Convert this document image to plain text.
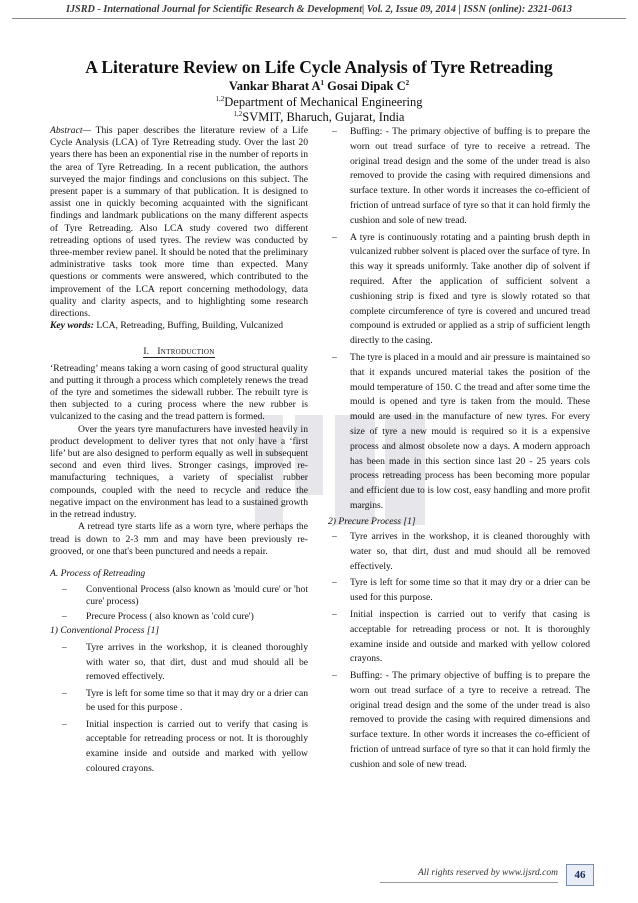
IJSRD - International Journal for Scientific Research & Development| Vol. 2, Issue 09, 2014 | ISSN (online): 2321-0613
A Literature Review on Life Cycle Analysis of Tyre Retreading
Vankar Bharat $A^1$ Gosai Dipak $C^2$
$^{1,2}$Department of Mechanical Engineering
$^{1,2}$SVMIT, Bharuch, Gujarat, India

Abstract— This paper describes the literature review of a Life Cycle Analysis (LCA) of Tyre Retreading study. Over the last 20 years there has been an exponential rise in the number of reports in the area of Tyre Retreading. In a recent publication, the authors surveyed the major findings and conclusions on this subject. The present paper is a summary of that publication. It is designed to assist one in quickly becoming acquainted with the significant findings and landmark publications on the many different aspects of Tyre Retreading. Also LCA study covered two different retreading options of used tyres. The review was conducted by three-member review panel. It should be noted that the preliminary administrative tasks took more time than expected. Many questions or comments were answered, which contributed to the improvement of the LCA report concerning methodology, data quality and clarity aspects, and to highlighting some research directions.

Key words: LCA, Retreading, Buffing, Building, Vulcanized

I. Introduction

‘Retreading’ means taking a worn casing of good structural quality and putting it through a process which completely renews the tread of the tyre and sometimes the sidewall rubber. The rebuilt tyre is then subjected to a curing process where the new rubber is vulcanized to the casing and the tread pattern is formed.

Over the years tyre manufacturers have invested heavily in product development to deliver tyres that not only have a ‘first life’ but are also designed to perform equally as well in subsequent second and even third lives. Stronger casings, improved re-manufacturing techniques, a variety of specialist rubber compounds, coupled with the need to recycle and reduce the negative impact on the environment has lead to a sustained growth in the retread industry.

A retread tyre starts life as a worn tyre, where perhaps the tread is down to 2-3 mm and may have been previously re-grooved, or one that's been punctured and needs a repair.

A. Process of Retreading
– Conventional Process (also known as 'mould cure' or 'hot cure' process)
– Precure Process ( also known as 'cold cure')
1) Conventional Process [1]
– Tyre arrives in the workshop, it is cleaned thoroughly with water so, that dirt, dust and mud should all be removed effectively.
– Tyre is left for some time so that it may dry or a drier can be used for this purpose .
– Initial inspection is carried out to verify that casing is acceptable for retreading process or not. It is thoroughly examine inside and outside and marked with yellow coloured crayons.
– Buffing: - The primary objective of buffing is to prepare the worn out tread surface of tyre to receive a retread. The original tread design and the some of the under tread is also removed to provide the casing with required dimensions and surface texture. In other words it increases the co-efficient of friction of untread surface of tyre so that it can hold firmly the cushion and sole of new tread.
– A tyre is continuously rotating and a painting brush depth in vulcanized rubber solvent is placed over the surface of tyre. In this way it spreads uniformly. Take another dip of solvent if required. After the application of sufficient solvent a cushioning strip is fixed and tyre is slowly rotated so that complete circumference of tyre is covered and uncured tread compound is extruded or applied as a strip of sufficient length directly to the casing.
– The tyre is placed in a mould and air pressure is maintained so that it expands uncured material takes the position of the mould temperature of 150. C the tread and after some time the mould is opened and tyre is taken from the mould. These mould are used in the manufacture of new tyres. For every size of tyre a new mould is required so it is a expensive process and almost obsolete now a days. A modern approach has been made in this section since last 20 - 25 years cols process retreading process has been becoming more popular and efficient due to is low cost, easy handling and more profit margins.
2) Precure Process [1]
– Tyre arrives in the workshop, it is cleaned thoroughly with water so, that dirt, dust and mud should all be removed effectively.
– Tyre is left for some time so that it may dry or a drier can be used for this purpose.
– Initial inspection is carried out to verify that casing is acceptable for retreading process or not. It is thoroughly examine inside and outside and marked with yellow colored crayons.
– Buffing: - The primary objective of buffing is to prepare the worn out tread surface of a tyre to receive a retread. The original tread design and the some of the under tread is also removed to provide the casing with required dimensions and surface texture. In other words it increases the co-efficient of friction of untread surface of tyre so that it can hold firmly the cushion and sole of new tread.
All rights reserved by www.ijsrd.com	46
